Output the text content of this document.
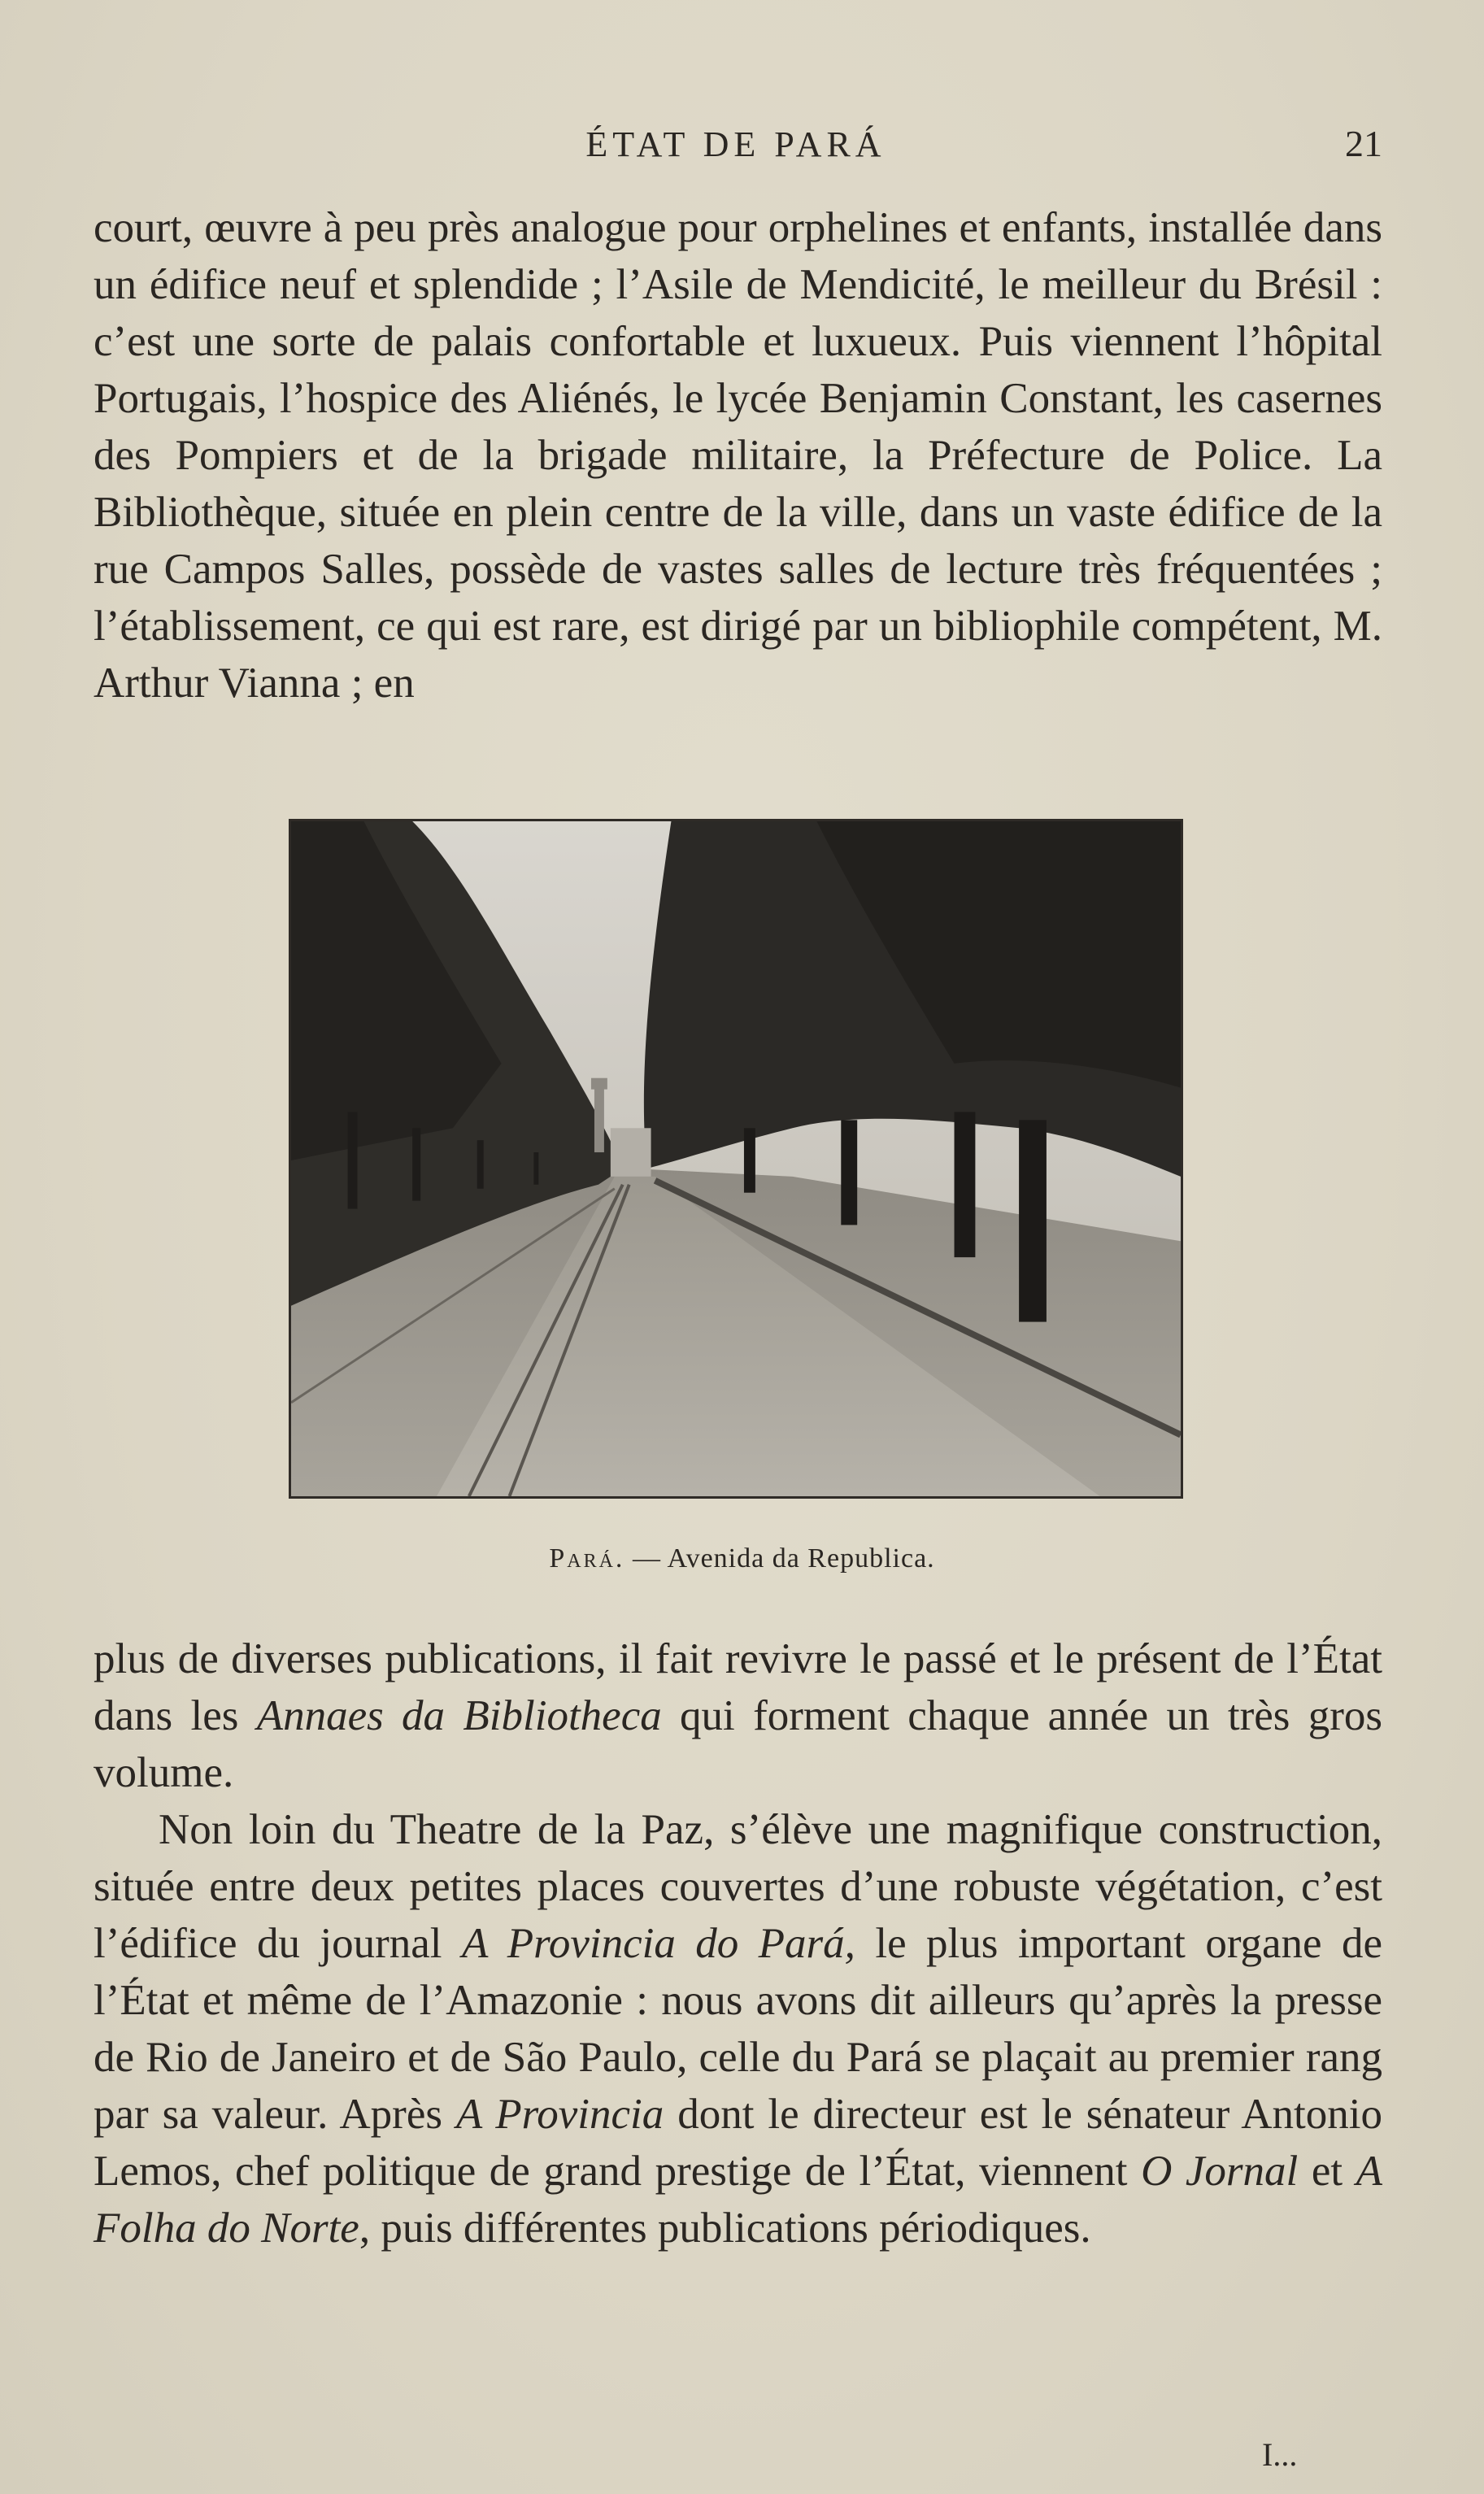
ÉTAT DE PARÁ	21

court, œuvre à peu près analogue pour orphelines et enfants, installée dans un édifice neuf et splendide ; l’Asile de Mendicité, le meilleur du Brésil : c’est une sorte de palais confortable et luxueux. Puis viennent l’hôpital Portugais, l’hospice des Aliénés, le lycée Benjamin Constant, les casernes des Pompiers et de la brigade militaire, la Préfecture de Police. La Bibliothèque, située en plein centre de la ville, dans un vaste édifice de la rue Campos Salles, possède de vastes salles de lecture très fréquentées ; l’établissement, ce qui est rare, est dirigé par un bibliophile compétent, M. Arthur Vianna ; en

Pará. — Avenida da Republica.

plus de diverses publications, il fait revivre le passé et le présent de l’État dans les Annaes da Bibliotheca qui forment chaque année un très gros volume.

Non loin du Theatre de la Paz, s’élève une magnifique construction, située entre deux petites places couvertes d’une robuste végétation, c’est l’édifice du journal A Provincia do Pará, le plus important organe de l’État et même de l’Amazonie : nous avons dit ailleurs qu’après la presse de Rio de Janeiro et de São Paulo, celle du Pará se plaçait au premier rang par sa valeur. Après A Provincia dont le directeur est le sénateur Antonio Lemos, chef politique de grand prestige de l’État, viennent O Jornal et A Folha do Norte, puis différentes publications périodiques.

I...
